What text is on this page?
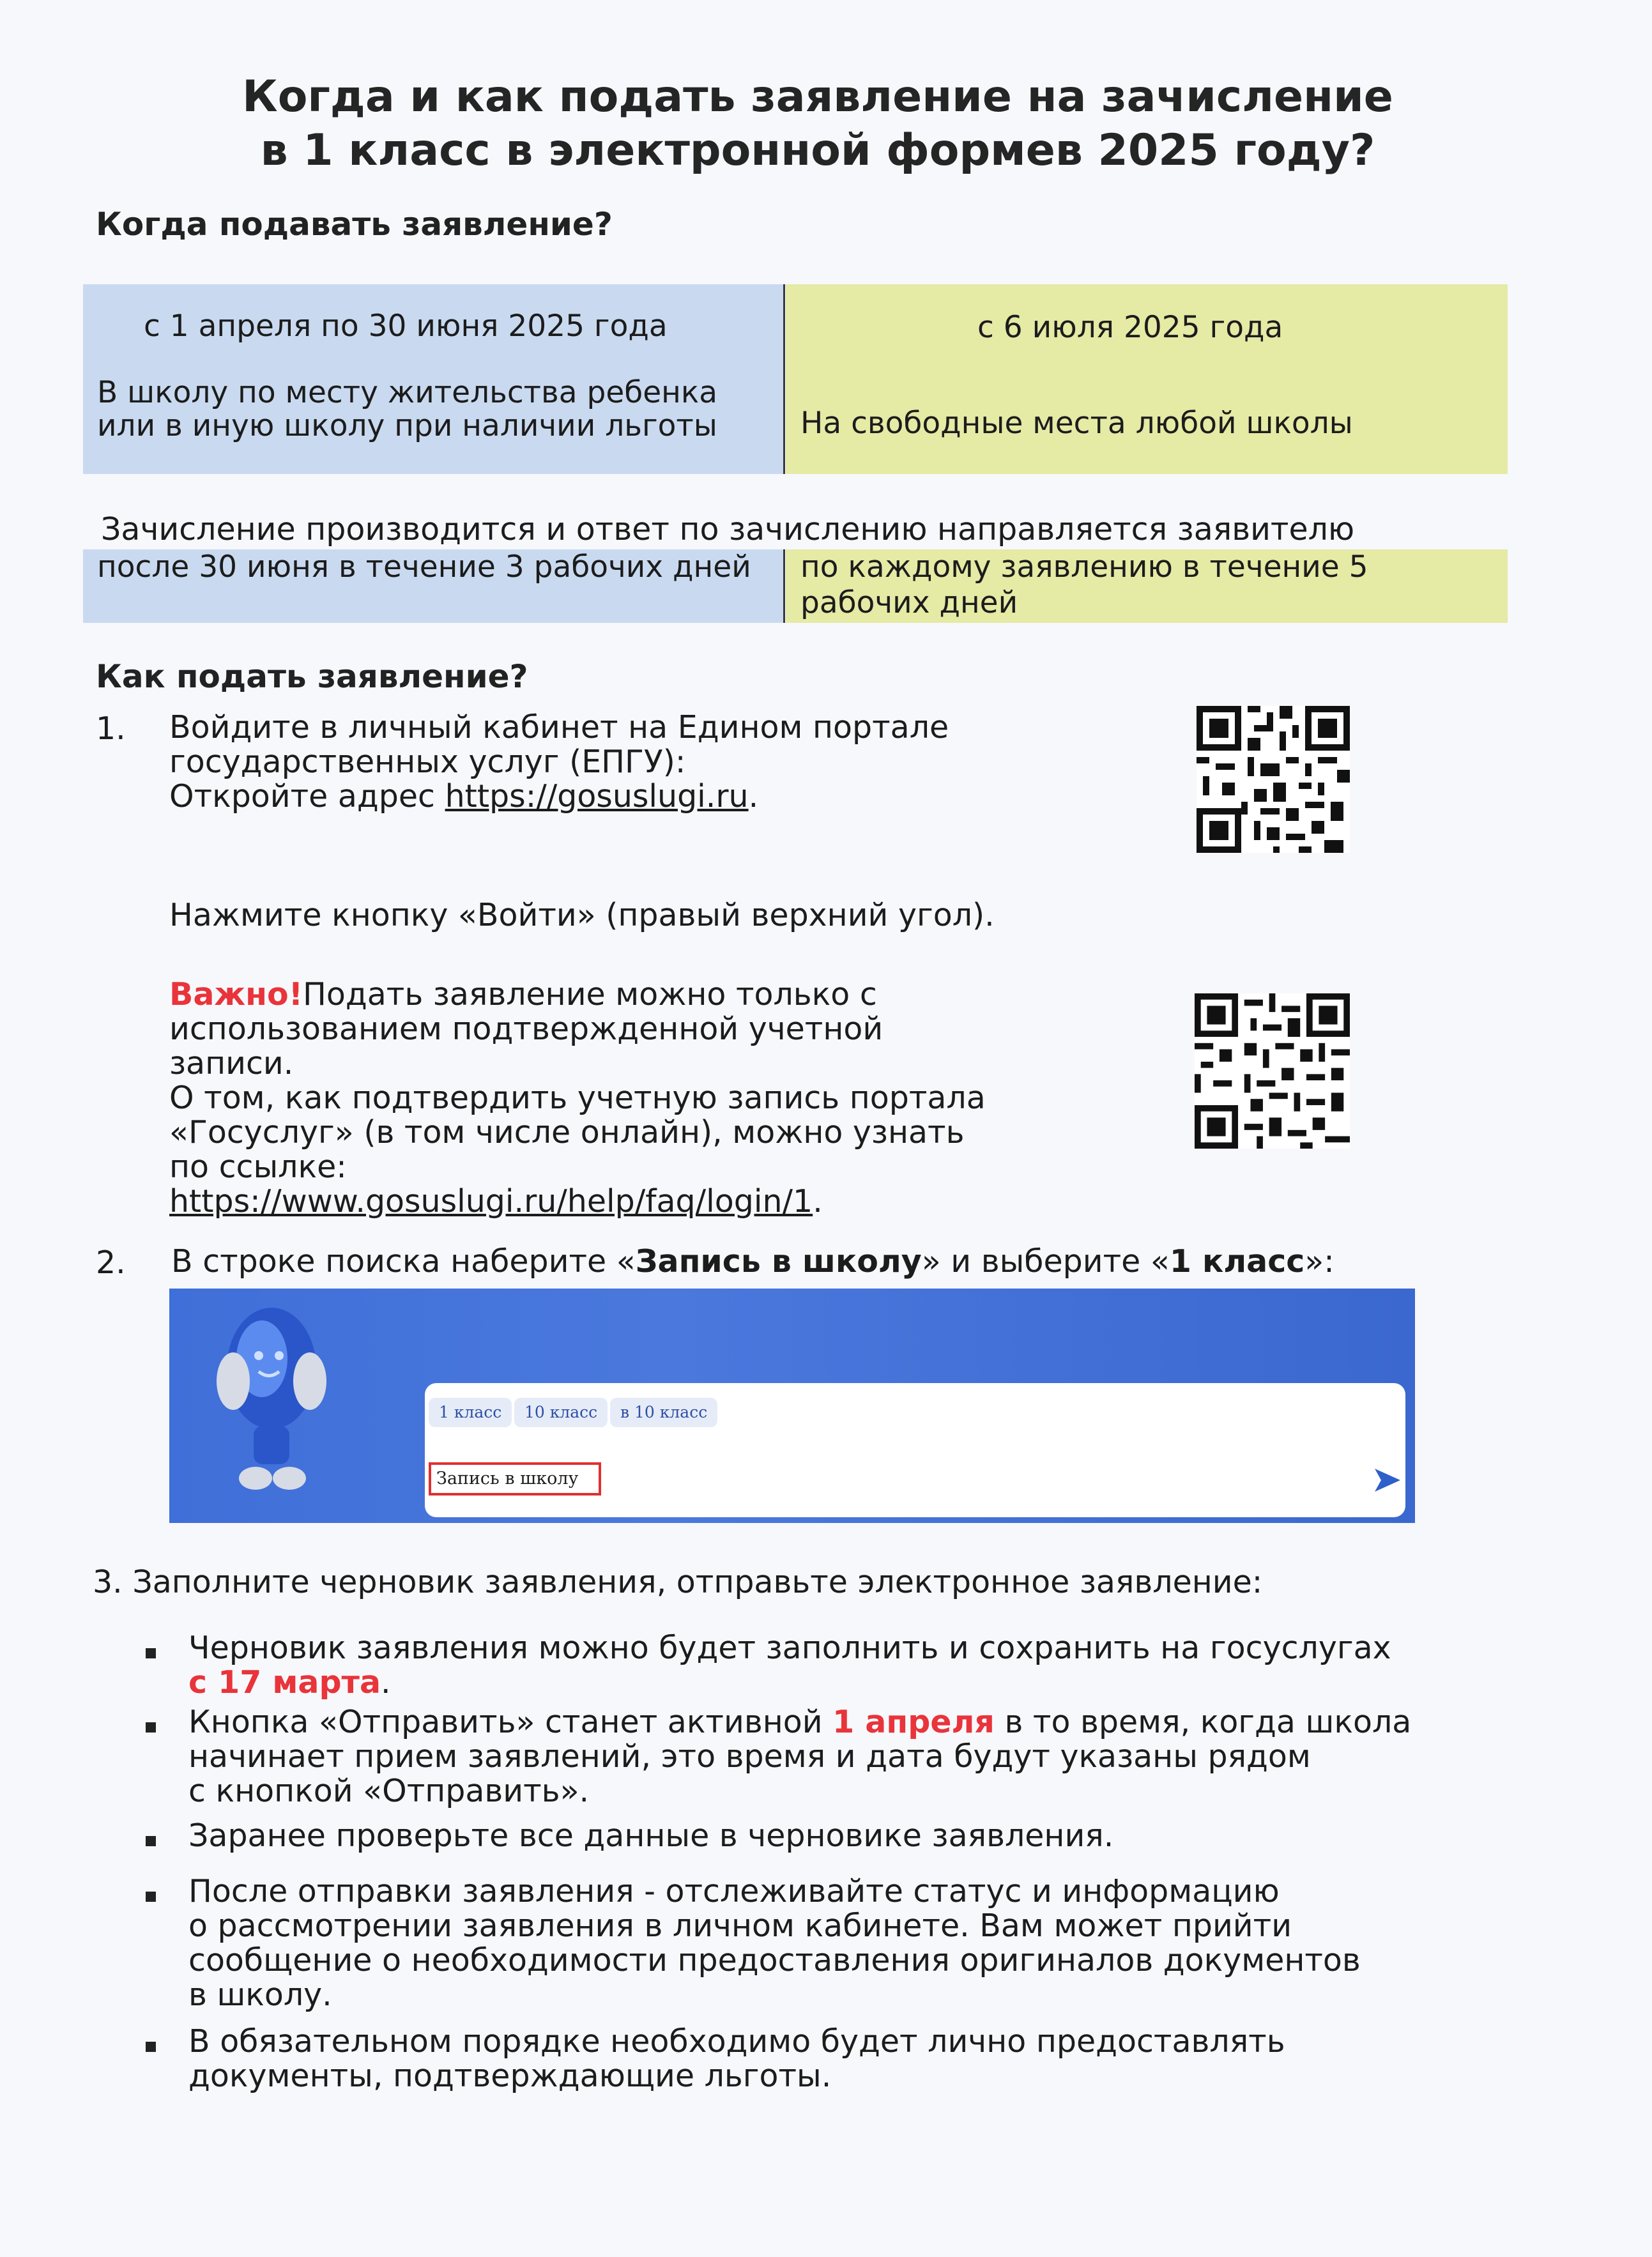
Когда и как подать заявление на зачисление
в 1 класс в электронной формев 2025 году?
Когда подавать заявление?
с 1 апреля по 30 июня 2025 года	с 6 июля 2025 года
В школу по месту жительства ребенка или в иную школу при наличии льготы	На свободные места любой школы
Зачисление производится и ответ по зачислению направляется заявителю
после 30 июня в течение 3 рабочих дней	по каждому заявлению в течение 5 рабочих дней
Как подать заявление?
1. Войдите в личный кабинет на Едином портале
государственных услуг (ЕПГУ):
Откройте адрес https://gosuslugi.ru.
Нажмите кнопку «Войти» (правый верхний угол).
Важно!Подать заявление можно только с
использованием подтвержденной учетной
записи.
О том, как подтвердить учетную запись портала
«Госуслуг» (в том числе онлайн), можно узнать
по ссылке:
https://www.gosuslugi.ru/help/faq/login/1.
2. В строке поиска наберите «Запись в школу» и выберите «1 класс»:
1 класс	10 класс	в 10 класс
Запись в школу
3. Заполните черновик заявления, отправьте электронное заявление:
Черновик заявления можно будет заполнить и сохранить на госуслугах
с 17 марта.
Кнопка «Отправить» станет активной 1 апреля в то время, когда школа
начинает прием заявлений, это время и дата будут указаны рядом
с кнопкой «Отправить».
Заранее проверьте все данные в черновике заявления.
После отправки заявления - отслеживайте статус и информацию
о рассмотрении заявления в личном кабинете. Вам может прийти
сообщение о необходимости предоставления оригиналов документов
в школу.
В обязательном порядке необходимо будет лично предоставлять
документы, подтверждающие льготы.
